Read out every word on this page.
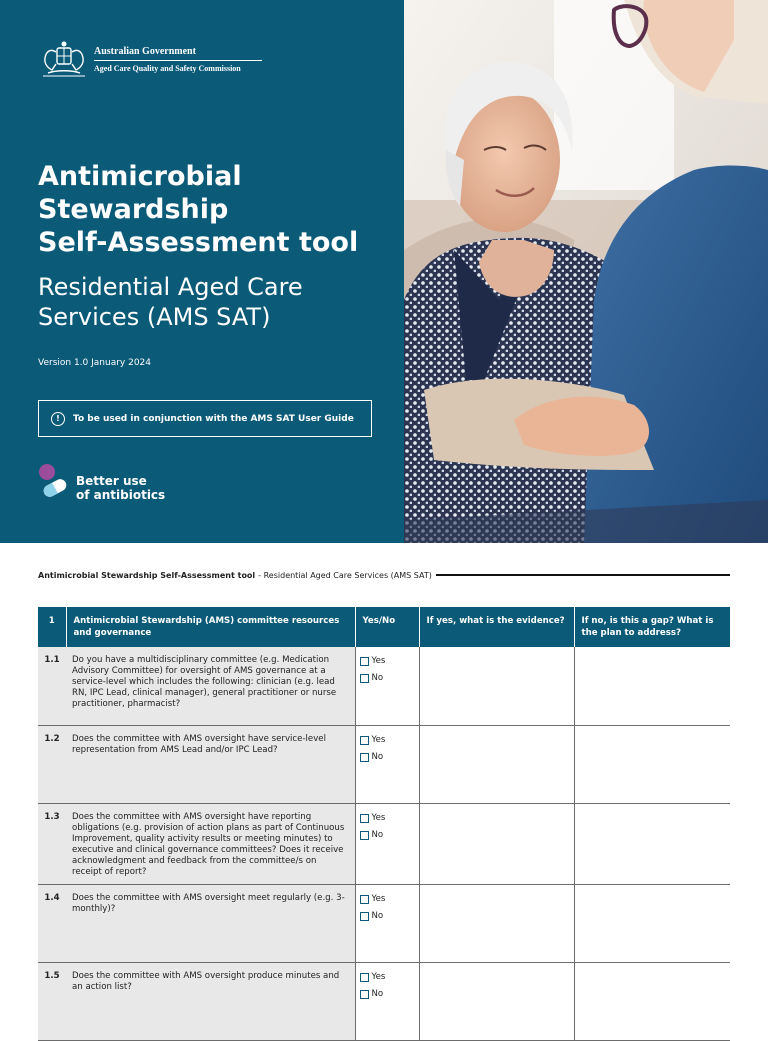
Australian Government
Aged Care Quality and Safety Commission
Antimicrobial
Stewardship
Self-Assessment tool
Residential Aged Care
Services (AMS SAT)
Version 1.0 January 2024
!	To be used in conjunction with the AMS SAT User Guide
Better use
of antibiotics
Antimicrobial Stewardship Self-Assessment tool - Residential Aged Care Services (AMS SAT)
1	Antimicrobial Stewardship (AMS) committee resources and governance	Yes/No	If yes, what is the evidence?	If no, is this a gap? What is the plan to address?
1.1	Do you have a multidisciplinary committee (e.g. Medication Advisory Committee) for oversight of AMS governance at a service-level which includes the following: clinician (e.g. lead RN, IPC Lead, clinical manager), general practitioner or nurse practitioner, pharmacist?	Yes
No		

1.2	Does the committee with AMS oversight have service-level representation from AMS Lead and/or IPC Lead?	Yes
No		

1.3	Does the committee with AMS oversight have reporting obligations (e.g. provision of action plans as part of Continuous Improvement, quality activity results or meeting minutes) to executive and clinical governance committees? Does it receive acknowledgment and feedback from the committee/s on receipt of report?	Yes
No		

1.4	Does the committee with AMS oversight meet regularly (e.g. 3-monthly)?	Yes
No		

1.5	Does the committee with AMS oversight produce minutes and an action list?	Yes
No		
